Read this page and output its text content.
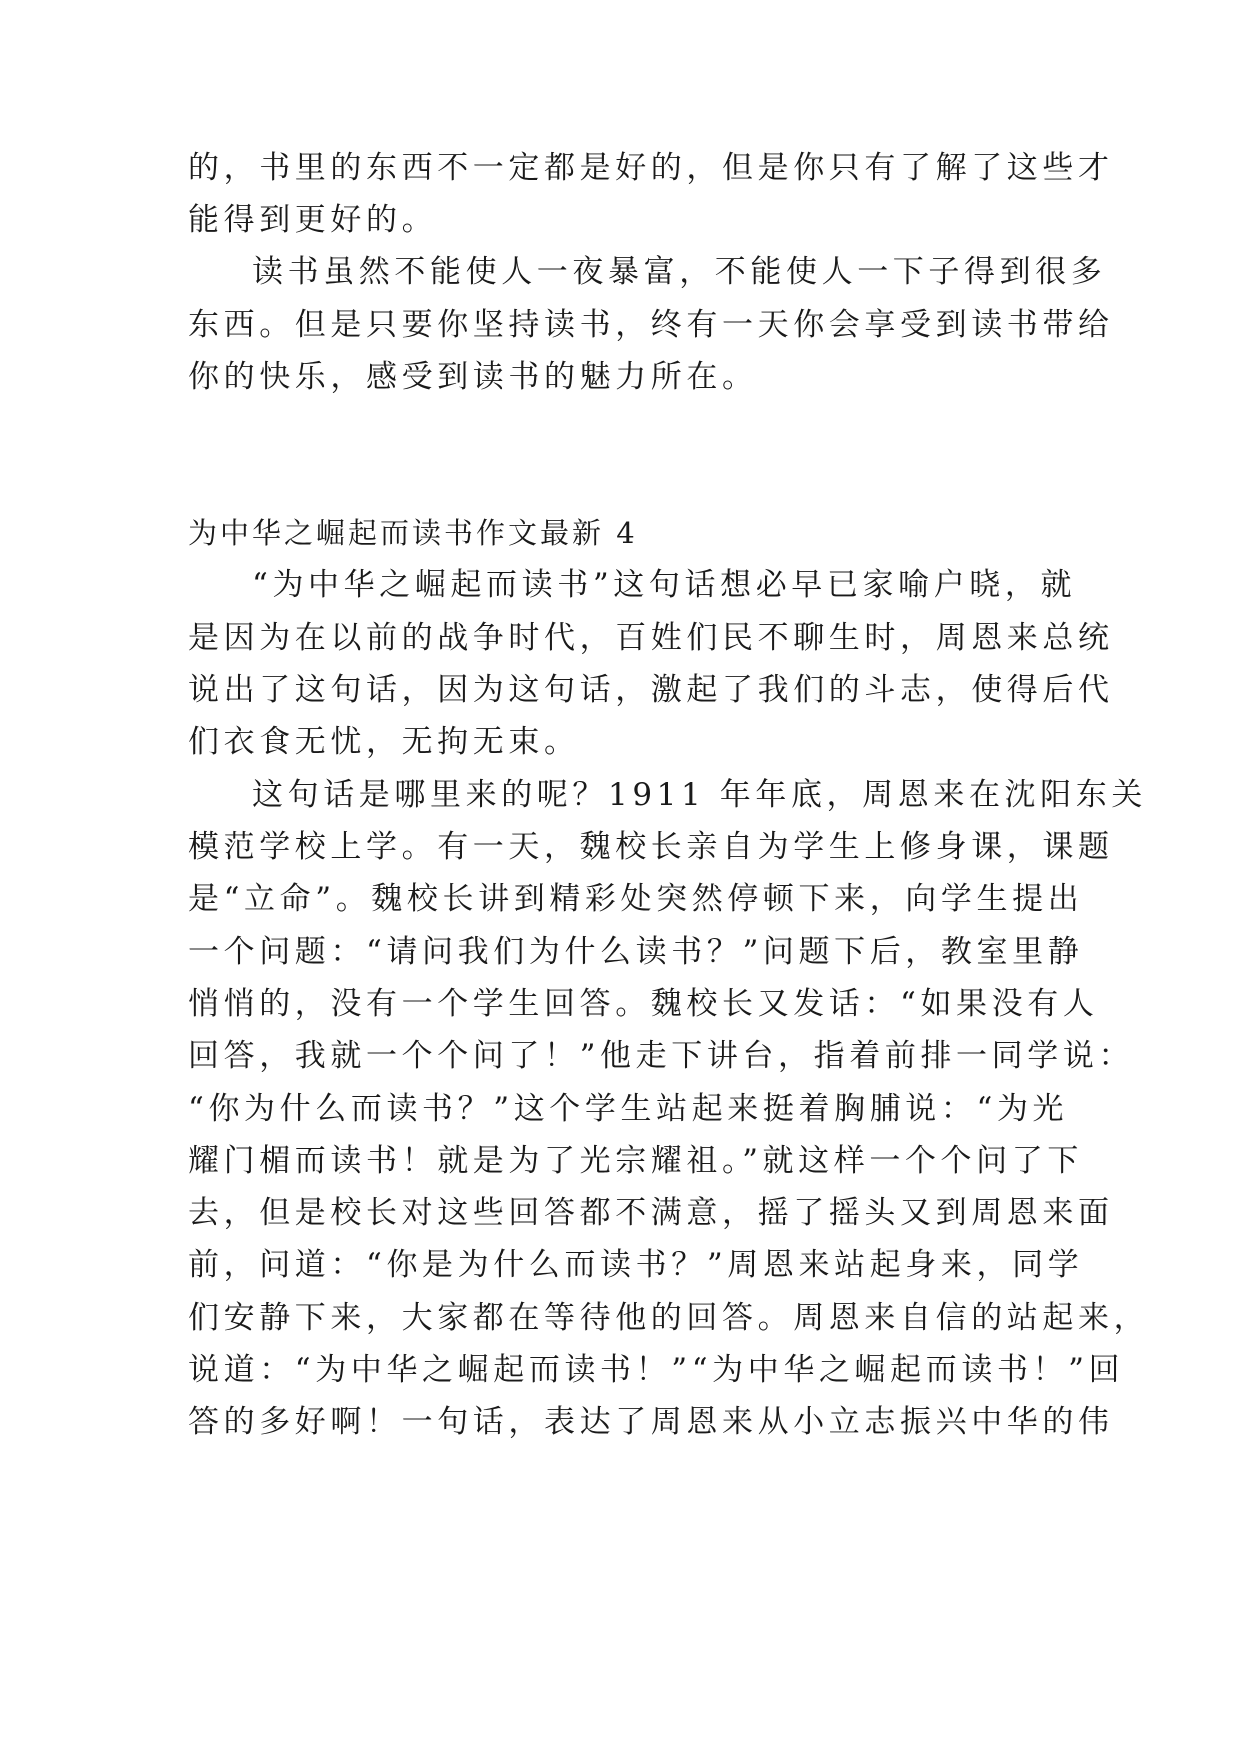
的，书里的东西不一定都是好的，但是你只有了解了这些才

能得到更好的。

读书虽然不能使人一夜暴富，不能使人一下子得到很多

东西。但是只要你坚持读书，终有一天你会享受到读书带给

你的快乐，感受到读书的魅力所在。

为中华之崛起而读书作文最新 4

“为中华之崛起而读书”这句话想必早已家喻户晓，就

是因为在以前的战争时代，百姓们民不聊生时，周恩来总统

说出了这句话，因为这句话，激起了我们的斗志，使得后代

们衣食无忧，无拘无束。

这句话是哪里来的呢？1911 年年底，周恩来在沈阳东关

模范学校上学。有一天，魏校长亲自为学生上修身课，课题

是“立命”。魏校长讲到精彩处突然停顿下来，向学生提出

一个问题：“请问我们为什么读书？”问题下后，教室里静

悄悄的，没有一个学生回答。魏校长又发话：“如果没有人

回答，我就一个个问了！”他走下讲台，指着前排一同学说：

“你为什么而读书？”这个学生站起来挺着胸脯说：“为光

耀门楣而读书！就是为了光宗耀祖。”就这样一个个问了下

去，但是校长对这些回答都不满意，摇了摇头又到周恩来面

前，问道：“你是为什么而读书？”周恩来站起身来，同学

们安静下来，大家都在等待他的回答。周恩来自信的站起来，

说道：“为中华之崛起而读书！”“为中华之崛起而读书！”回

答的多好啊！一句话，表达了周恩来从小立志振兴中华的伟
